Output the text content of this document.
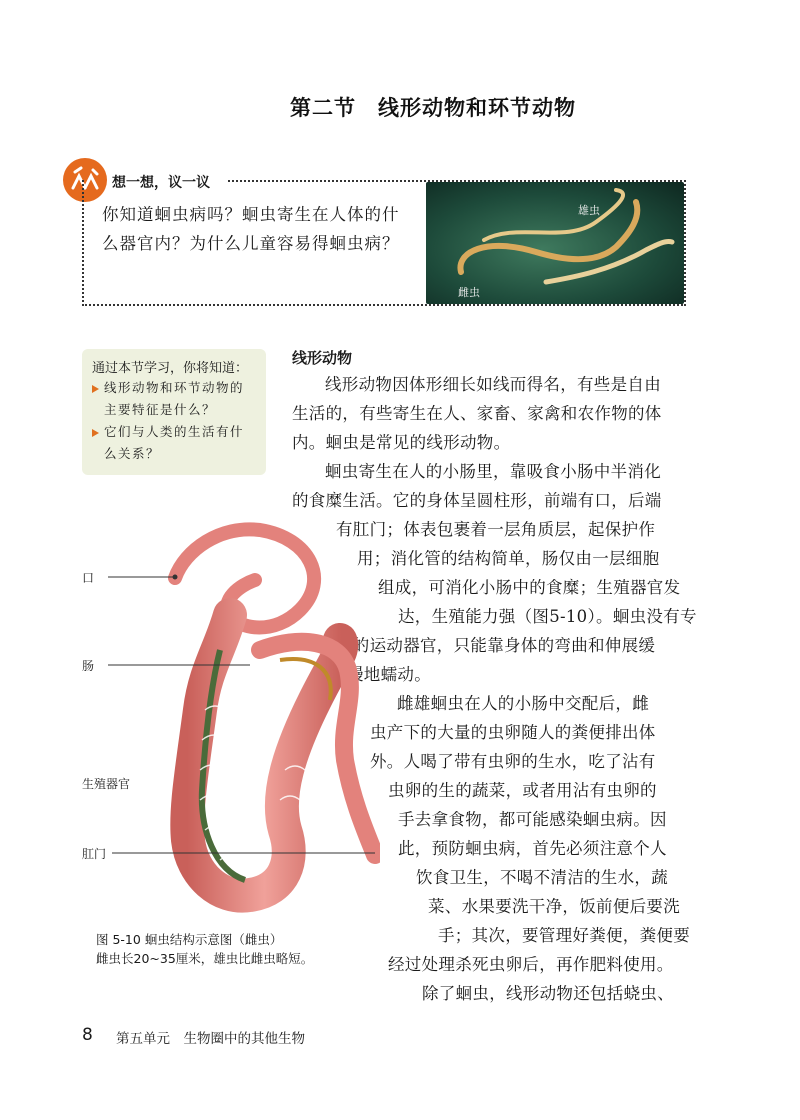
第二节　线形动物和环节动物
想一想，议一议
你知道蛔虫病吗？蛔虫寄生在人体的什么器官内？为什么儿童容易得蛔虫病？
雄虫
雌虫
通过本节学习，你将知道：
线形动物和环节动物的主要特征是什么？
它们与人类的生活有什么关系？
线形动物
线形动物因体形细长如线而得名，有些是自由
生活的，有些寄生在人、家畜、家禽和农作物的体
内。蛔虫是常见的线形动物。
蛔虫寄生在人的小肠里，靠吸食小肠中半消化
的食糜生活。它的身体呈圆柱形，前端有口，后端
有肛门；体表包裹着一层角质层，起保护作
用；消化管的结构简单，肠仅由一层细胞
组成，可消化小肠中的食糜；生殖器官发
达，生殖能力强（图5-10）。蛔虫没有专
门的运动器官，只能靠身体的弯曲和伸展缓
慢地蠕动。
雌雄蛔虫在人的小肠中交配后，雌
虫产下的大量的虫卵随人的粪便排出体
外。人喝了带有虫卵的生水，吃了沾有
虫卵的生的蔬菜，或者用沾有虫卵的
手去拿食物，都可能感染蛔虫病。因
此，预防蛔虫病，首先必须注意个人
饮食卫生，不喝不清洁的生水，蔬
菜、水果要洗干净，饭前便后要洗
手；其次，要管理好粪便，粪便要
经过处理杀死虫卵后，再作肥料使用。
除了蛔虫，线形动物还包括蛲虫、
口
肠
生殖器官
肛门
图 5-10 蛔虫结构示意图（雌虫）
雌虫长20~35厘米，雄虫比雌虫略短。
8 第五单元　生物圈中的其他生物
